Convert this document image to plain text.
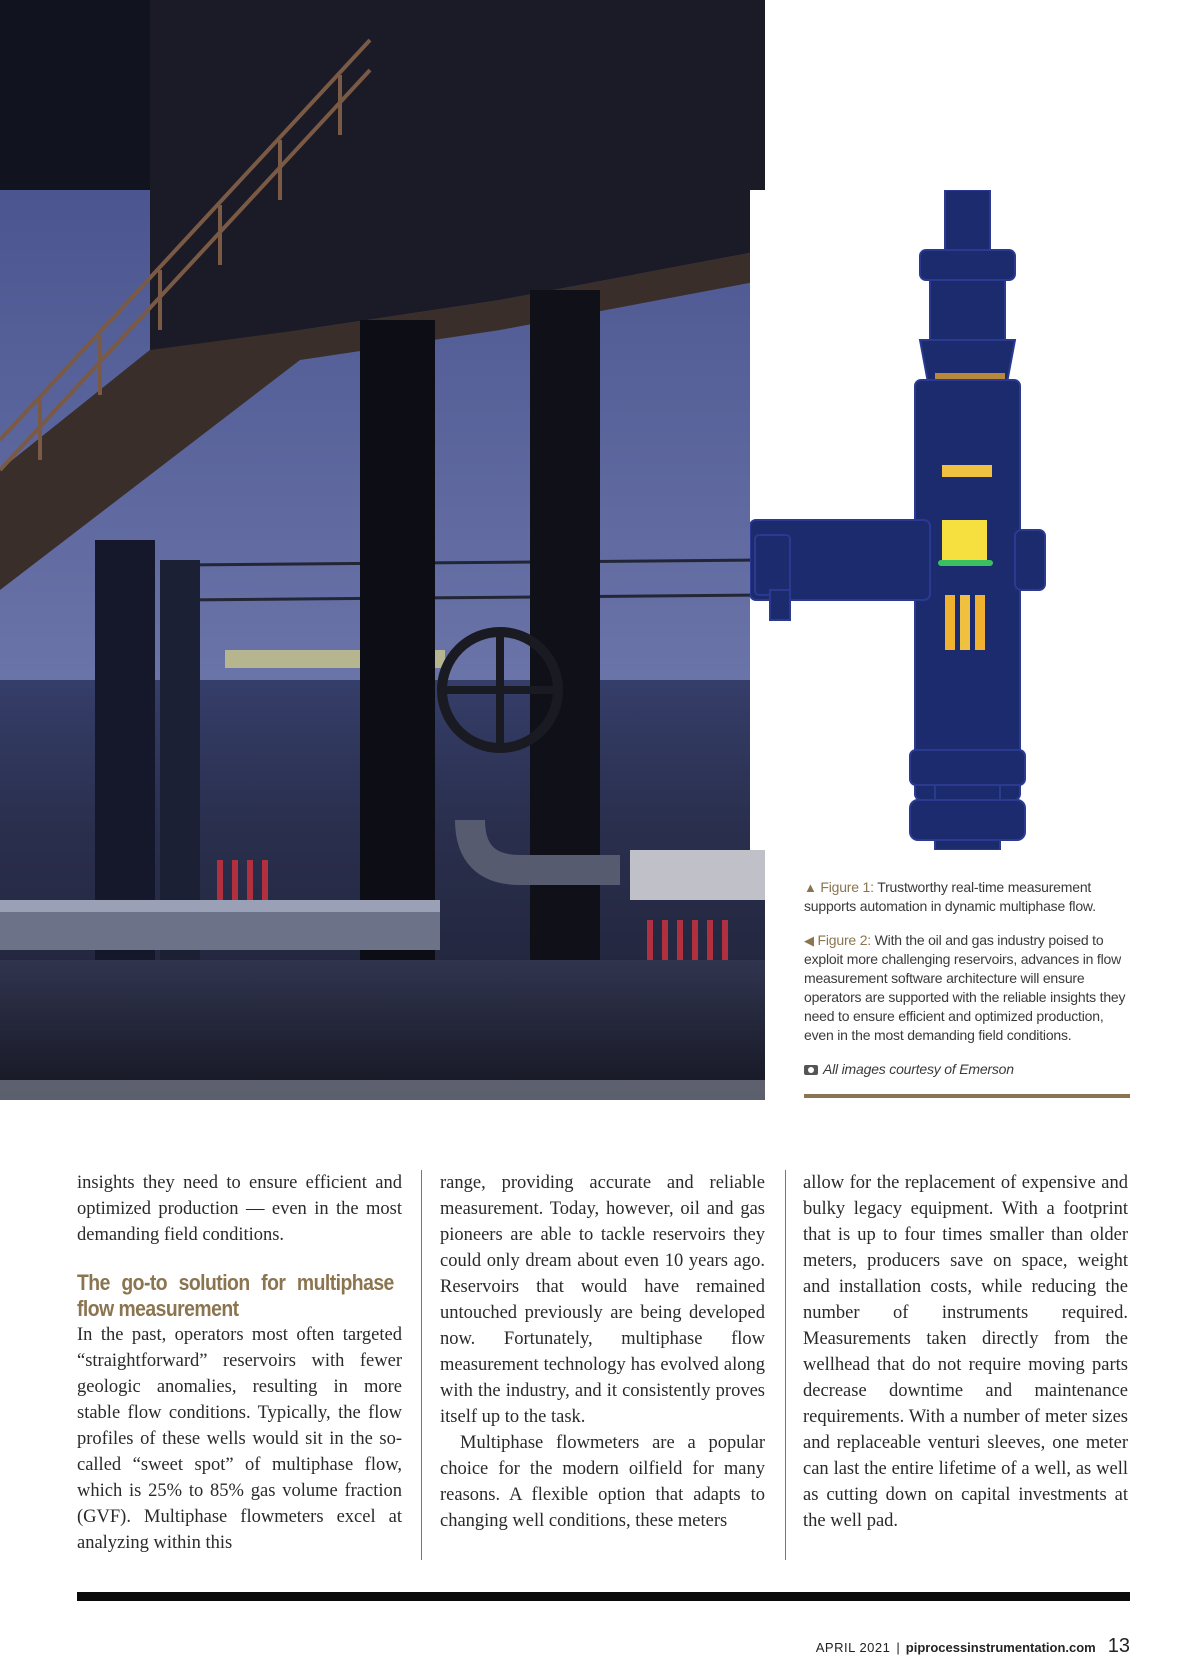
▲ Figure 1: Trustworthy real-time measurement supports automation in dynamic multiphase flow.

◀ Figure 2: With the oil and gas industry poised to exploit more challenging reservoirs, advances in flow measurement software architecture will ensure operators are supported with the reliable insights they need to ensure efficient and optimized production, even in the most demanding field conditions.

All images courtesy of Emerson

insights they need to ensure efficient and optimized production — even in the most demanding field conditions.

The go-to solution for multiphase flow measurement

In the past, operators most often targeted “straightforward” reservoirs with fewer geologic anomalies, resulting in more stable flow conditions. Typically, the flow profiles of these wells would sit in the so-called “sweet spot” of multiphase flow, which is 25% to 85% gas volume fraction (GVF). Multiphase flowmeters excel at analyzing within this

range, providing accurate and reliable measurement. Today, however, oil and gas pioneers are able to tackle reservoirs they could only dream about even 10 years ago. Reservoirs that would have remained untouched previously are being developed now. Fortunately, multiphase flow measurement technology has evolved along with the industry, and it consistently proves itself up to the task.

Multiphase flowmeters are a popular choice for the modern oilfield for many reasons. A flexible option that adapts to changing well conditions, these meters

allow for the replacement of expensive and bulky legacy equipment. With a footprint that is up to four times smaller than older meters, producers save on space, weight and installation costs, while reducing the number of instruments required. Measurements taken directly from the wellhead that do not require moving parts decrease downtime and maintenance requirements. With a number of meter sizes and replaceable venturi sleeves, one meter can last the entire lifetime of a well, as well as cutting down on capital investments at the well pad.

APRIL 2021 | piprocessinstrumentation.com 13
